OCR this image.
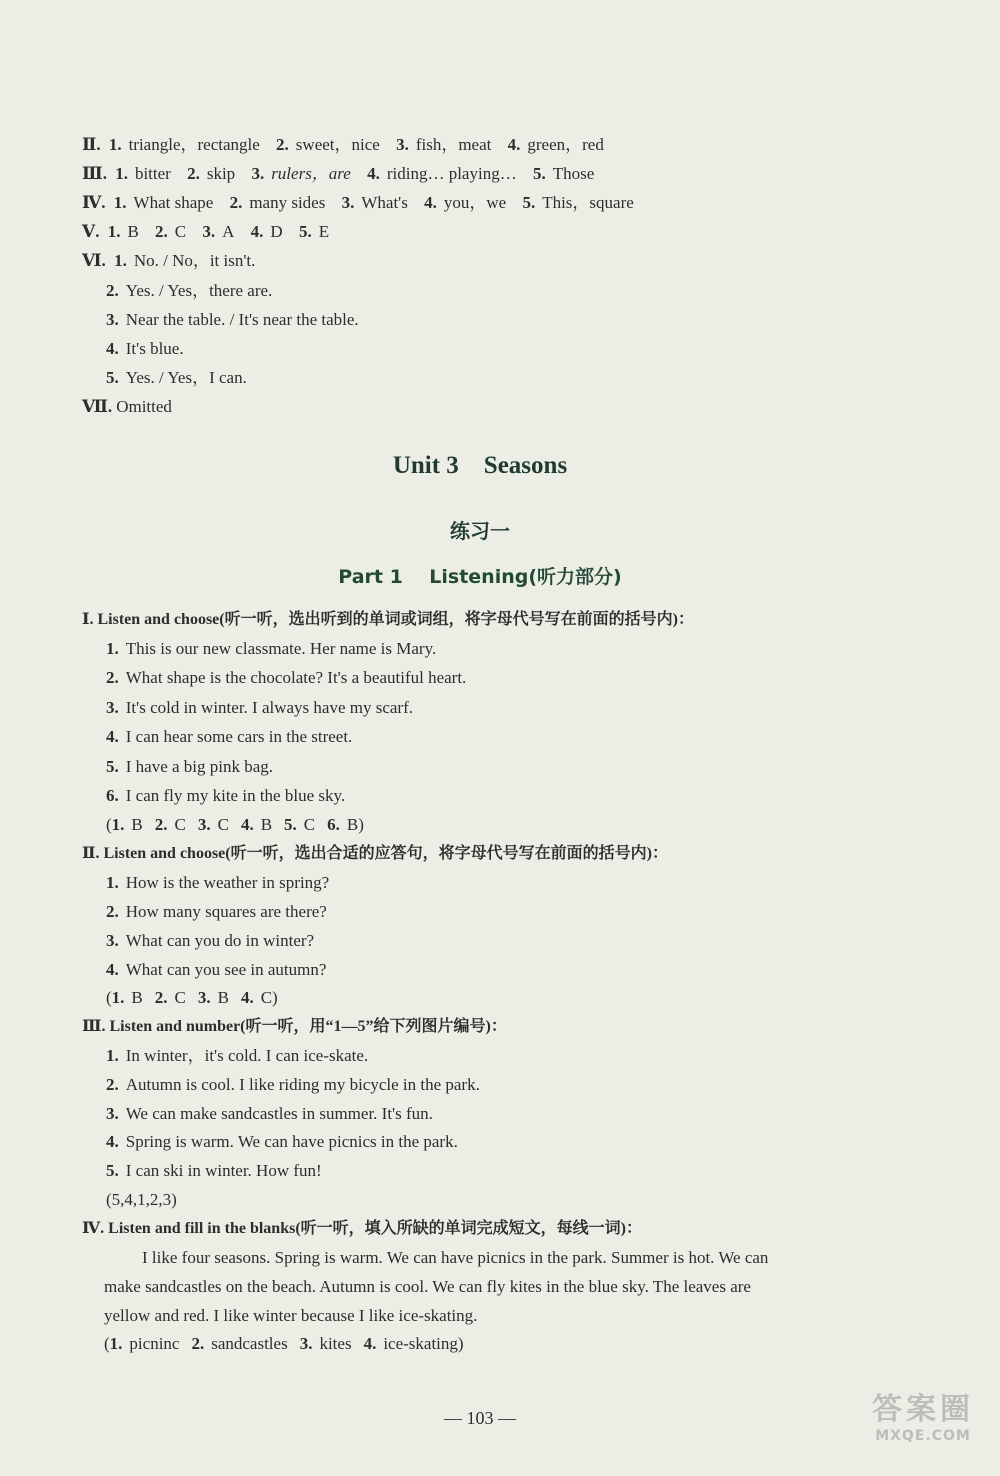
Ⅱ. 1. triangle，rectangle 2. sweet，nice 3. fish，meat 4. green，red
Ⅲ. 1. bitter 2. skip 3. rulers，are 4. riding… playing… 5. Those
Ⅳ. 1. What shape 2. many sides 3. What's 4. you，we 5. This，square
Ⅴ. 1. B 2. C 3. A 4. D 5. E
Ⅵ. 1. No. / No，it isn't.
2. Yes. / Yes，there are.
3. Near the table. / It's near the table.
4. It's blue.
5. Yes. / Yes，I can.
Ⅶ. Omitted
Unit 3    Seasons
练习一
Part 1    Listening(听力部分)
Ⅰ. Listen and choose(听一听，选出听到的单词或词组，将字母代号写在前面的括号内)：
1. This is our new classmate. Her name is Mary.
2. What shape is the chocolate? It's a beautiful heart.
3. It's cold in winter. I always have my scarf.
4. I can hear some cars in the street.
5. I have a big pink bag.
6. I can fly my kite in the blue sky.
(1. B 2. C 3. C 4. B 5. C 6. B)
Ⅱ. Listen and choose(听一听，选出合适的应答句，将字母代号写在前面的括号内)：
1. How is the weather in spring?
2. How many squares are there?
3. What can you do in winter?
4. What can you see in autumn?
(1. B 2. C 3. B 4. C)
Ⅲ. Listen and number(听一听，用“1—5”给下列图片编号)：
1. In winter，it's cold. I can ice-skate.
2. Autumn is cool. I like riding my bicycle in the park.
3. We can make sandcastles in summer. It's fun.
4. Spring is warm. We can have picnics in the park.
5. I can ski in winter. How fun!
(5,4,1,2,3)
Ⅳ. Listen and fill in the blanks(听一听，填入所缺的单词完成短文，每线一词)：
I like four seasons. Spring is warm. We can have picnics in the park. Summer is hot. We can
make sandcastles on the beach. Autumn is cool. We can fly kites in the blue sky. The leaves are
yellow and red. I like winter because I like ice-skating.
(1. picninc 2. sandcastles 3. kites 4. ice-skating)
— 103 —	答案圈
MXQE.COM
